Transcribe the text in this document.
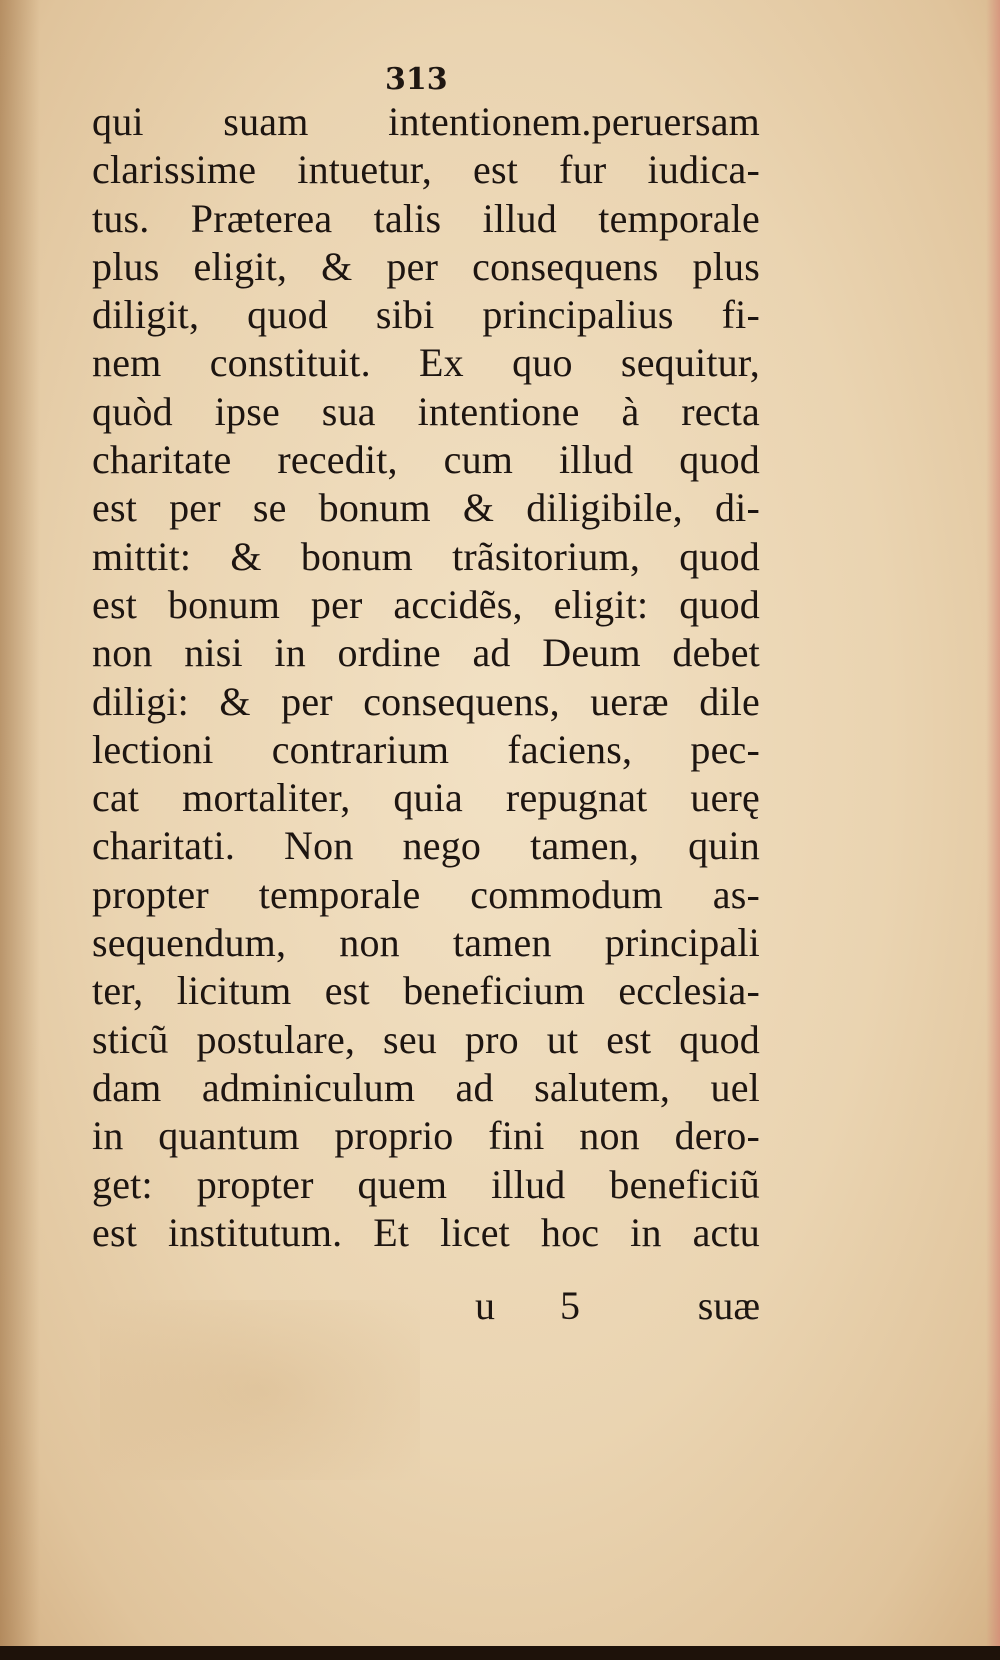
313
qui suam intentionem.peruersam
clarissime intuetur, est fur iudica-
tus. Præterea talis illud temporale
plus eligit, & per consequens plus
diligit, quod sibi principalius fi-
nem constituit. Ex quo sequitur,
quòd ipse sua intentione à recta
charitate recedit, cum illud quod
est per se bonum & diligibile, di-
mittit: & bonum trãsitorium, quod
est bonum per accidẽs, eligit: quod
non nisi in ordine ad Deum debet
diligi: & per consequens, ueræ dile
lectioni contrarium faciens, pec-
cat mortaliter, quia repugnat uerę
charitati. Non nego tamen, quin
propter temporale commodum as-
sequendum, non tamen principali
ter, licitum est beneficium ecclesia-
sticũ postulare, seu pro ut est quod
dam adminiculum ad salutem, uel
in quantum proprio fini non dero-
get: propter quem illud beneficiũ
est institutum. Et licet hoc in actu
u 5	suæ
